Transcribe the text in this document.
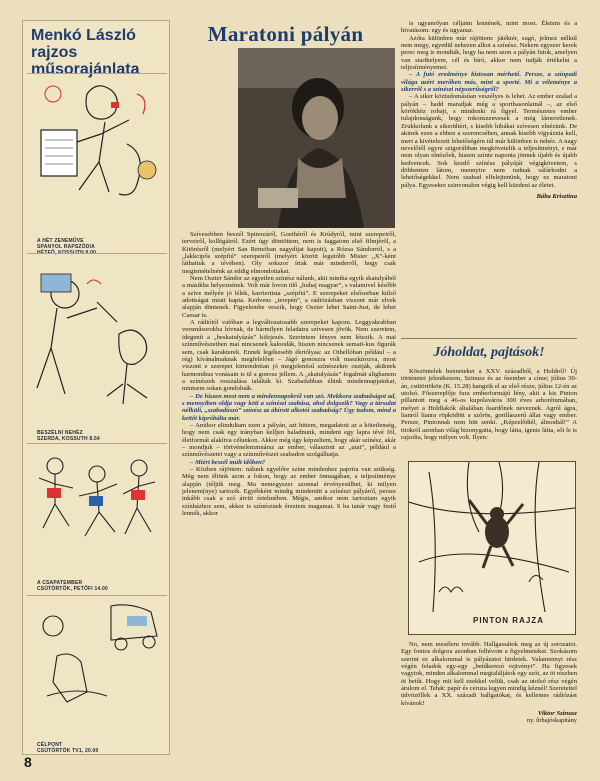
Menkó László rajzos műsorajánlata
A HÉT ZENEMŰVE
SPANYOL RAPSZÓDIA
HÉTFŐ, KOSSUTH 9.00
BESZÉLNI NEHÉZ
SZERDA, KOSSUTH 8.54
A CSAPATEMBER
CSÜTÖRTÖK, PETŐFI 14.00
CÉLPONT
CSÜTÖRTÖK TV1, 20.00
8
Maratoni pályán

Szívesebben beszél Spinozáról, Goethéről és Krúdyról, mint szerepeiről, terveiről, kollégáiról. Ezért úgy döntöttem, nem is faggatom első filmjéről, a Kitörésről (melyért San Remóban nagydíjat kapott), a Rózsa Sándorról, s a „lakkcipős szépfiú” szerepeiről (melyért között legutóbb Mister „X”-ként láthattuk a tévében). Oly sokszor írtak már minderről, hogy csak megismételnénk az eddig elmondottakat.

Nem Oszter Sándor az egyetlen színész nálunk, akit mintha egyik skatulyából a másikba helyeznének. Volt már lovon ülő „huhaj magyar”, s valamivel később a szíve mélyén jó lélek, karriertista „szépfiú”. E szerepeket elsősorban külső adottságai miatt kaptа. Kedvenc „terepén”, a rádiózásban viszont már elvek alapján döntenek. Figyelembe veszik, hogy Oszter lehet Saint-Just, de lehet Caesar is.

A rádiótól valóban a legváltozatosabb szerepeket kapom. Leggyakrabban versműsorokba hívnak, de bármilyen feladatra szívesen jövök. Nem szeretem, idegenít a „beskatulyázás” kifejezés. Szerintem fényes nem létezik. A mai színművészetben mai nincsenek kaloodák, hiszen nincsenek semati-kus figurák sem, csak karakterek. Ennek legékesebb ékrtólyaa: az Othellóban például – a rég) kívánalmaknak megfelelően – Jágó gonoszra volt maszkírozva, most viszont e szerepet kimondottan jó megjelenésű színészekre osztják, akiknek harmonikus vonásain is ül a gonosz jellem. A „skatulyázás” fogalmát alighanem a színészek rosszalása találták ki. Szabadabban élünk mindennapjainkat, mintsem sokan gondolnák.

– De hiszen most nem a mindennapokról van szó. Mekkora szabadságot ad, s mennyiben oldja vagy köti a színészi szabása, ahol dolgozik? Vagy a társulat nélküli, „szabadúszó” színész az ábírott alkotói szabadság? Úgy tudom, mind a kettőt kipróbálta már.

– Amikor elindultam ezen a pályán, azt hittem, megadatott az a kötetlenség, hogy nem csak egy irányban kelljen haladnunk, mindent egy lapra tévé föl, életformát alakítva célunkon. Akkor még úgy képzeltem, hogy akár színész, akár – mondjuk – törtvénelemmnársz az ember, választott az „utat”, például a színművészetet vagy a színművészet szabadon szolgálhatja.

– Miért beszél múlt időben?

– Közben rájöttem: nálunk egyelőre színe mindenhez paprira van szükség. Még nem éltünk azon a fokon, hogy az ember önmagában, a teljesítménye alapján (téljük meg. Ma nemegyszer azonnal érvényesülhet, ki milyen jelenem(nye) tartozik. Egyébként mindig mindenütt a színészi pályáról, persze inkább csak a szó átvitt értelmében. Mégis, amikor nem tartoztam egyik színházhoz sem, akkor is színésznek éreztem magamat. S ha tanár vagy festő lennék, akkor

is ugyanolyan céljaim lennének, mint most. Életem és a hivatásom: egy és ugyanaz.

Azóta különben már rájöttem: játéktér, sugó, jelmez nélkül nem megy, egyedül nehezen alkot a színész. Nekem egyszer kerek perec meg is mondták, hogy ha nem azon a pályán futok, amelyen van starthelyem, cél és bíró, akkor nem tudják értékelni a teljesítményemet.

– A futó eredménye biztosan mérhető. Persze, a színpadi világa azért merőben más, mint a sporté. Mi a véleménye a sikerről s a színészi népszerűségről?

– A siker köztudomásúan veszélyes is lehet. Az ember szalad a pályán – hadd maradjak még a sportbasonlatnál –, az első körökhöz rohajt, s mindenki rá figyel. Természetes ember tulajdonságunk, hogy rokonszenvesek a még lámeretlenek. Zrukkolunk a sikerültért, s kisebb hibákat szívesen elnézünk. De akinek ezen a ebben a szerencsében, annak kisebb vigyáznia kell, mert a kivételezett lehetőségérn túl már különben is nehéz. A nagy nevelőtől egyre szigorúbban megkövetelik a teljesítményt, s már nem olyan elnézőek, hiszen színte naponta jönnek újabb és újabb kedvencek. Sok kezdő színész pályáját végigkövetem, s döbbenten látom, mennyire nem tudnak sáfárkodni a lehetőségekkel. Nem szabad elfelejtenünk, hogy ez maratoni pálya. Egyesekre szinvonalon végig kell küzdeni az életet.

Bába Krisztina
Jóholdat, pajtások!

Köszöntelek benneteket a XXV. századból, a Holdról! Új történetet jelentkezem, Szinusz és az ősember a címe; július 30-án, csütörtökön (K. 15.28) hangzik el az első része, július 12-én az utolsó. Főszereplője fura emberformájú lény, akit a kis Pinton pillantott meg a 46-os kupolaváros 300 éves arborétumában, melyet a Holdlakók általában ősardőnek neveznek. Agról ágra, lianról lianra röpködött a szőrös, gorillaszerű állat vagy ember. Persze, Pintonnak nem hitt senki. „Képzelődtél, álmodtál!” A titokról azonban világ bizonygatta, hogy látta, igenis látta, sőt le is rajzolta, hogy milyen volt. Ilyen:

PINTON RAJZA

No, nem mesélem tovább. Hallgassátok meg az új sorozatot. Egy fontos dolgora azonban felhívom a figyelmeteket. Szokásom szerint ez alkalommal is pályázatot hirdetek. Valamennyi rész végén feladok egy-egy „betűkeresó rejtvényt”. Ha figyesek vagytok, minden alkalommal megtaláljátok egy szót, az öt részben öt betűt. Hogy mit kell ezekkel velük, csak az utolsó rész végén árulom el. Tehát: papír és ceruza legyen mindig kéznél! Szeretettel üdvözöllek a XX. századi hallgatókat, és kellemes rádiózást kívánok!

Viktor Szinusz
ny. űrhajóskapitány
